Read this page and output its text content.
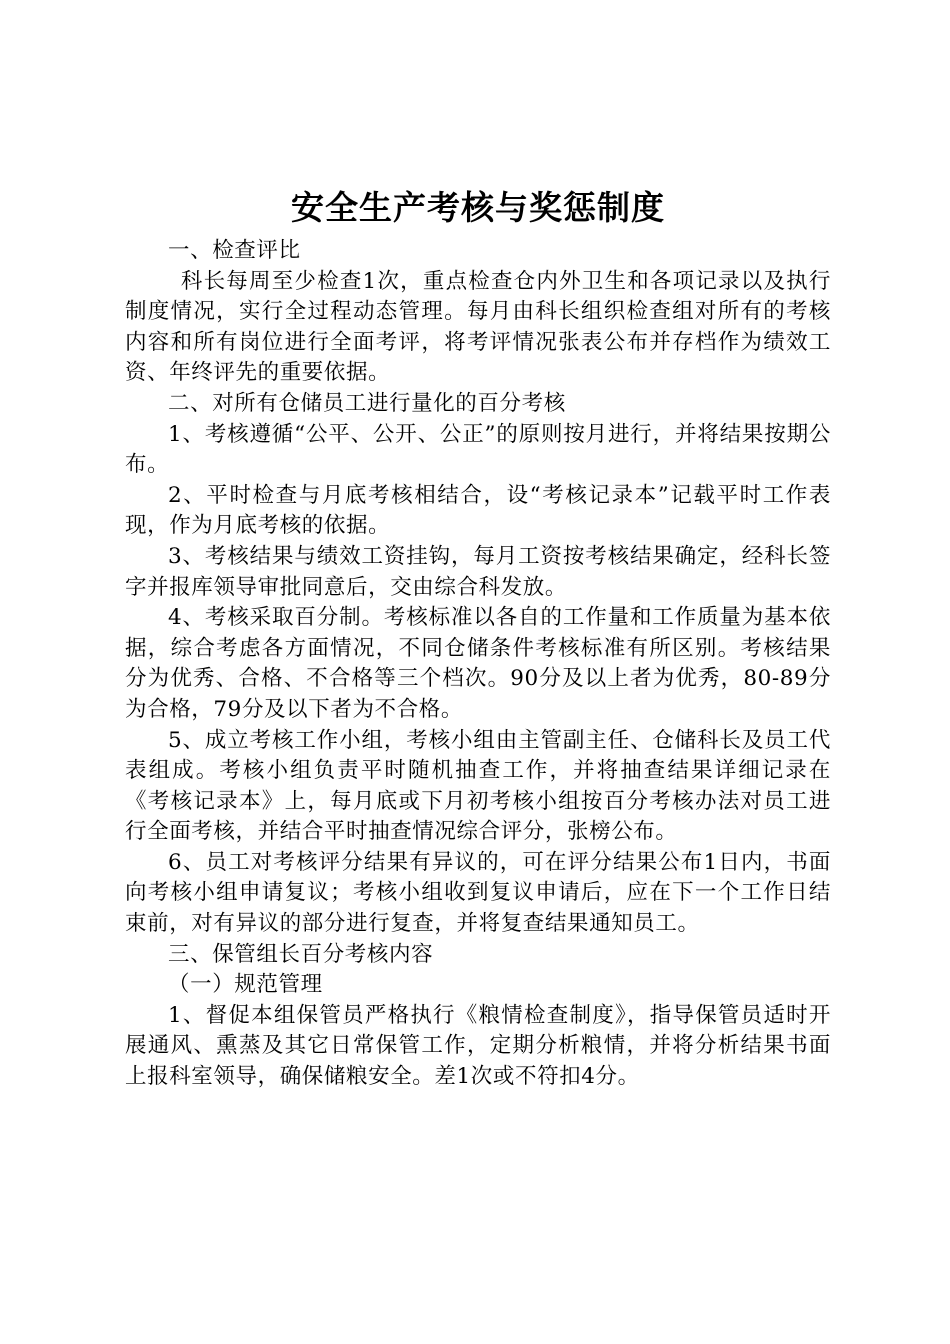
安全生产考核与奖惩制度

一、检查评比

科长每周至少检查1次，重点检查仓内外卫生和各项记录以及执行制度情况，实行全过程动态管理。每月由科长组织检查组对所有的考核内容和所有岗位进行全面考评，将考评情况张表公布并存档作为绩效工资、年终评先的重要依据。

二、对所有仓储员工进行量化的百分考核

1、考核遵循“公平、公开、公正”的原则按月进行，并将结果按期公布。

2、平时检查与月底考核相结合，设“考核记录本”记载平时工作表现，作为月底考核的依据。

3、考核结果与绩效工资挂钩，每月工资按考核结果确定，经科长签字并报库领导审批同意后，交由综合科发放。

4、考核采取百分制。考核标准以各自的工作量和工作质量为基本依据，综合考虑各方面情况，不同仓储条件考核标准有所区别。考核结果分为优秀、合格、不合格等三个档次。90分及以上者为优秀，80-89分为合格，79分及以下者为不合格。

5、成立考核工作小组，考核小组由主管副主任、仓储科长及员工代表组成。考核小组负责平时随机抽查工作，并将抽查结果详细记录在《考核记录本》上，每月底或下月初考核小组按百分考核办法对员工进行全面考核，并结合平时抽查情况综合评分，张榜公布。

6、员工对考核评分结果有异议的，可在评分结果公布1日内，书面向考核小组申请复议；考核小组收到复议申请后，应在下一个工作日结束前，对有异议的部分进行复查，并将复查结果通知员工。

三、保管组长百分考核内容

（一）规范管理

1、督促本组保管员严格执行《粮情检查制度》，指导保管员适时开展通风、熏蒸及其它日常保管工作，定期分析粮情，并将分析结果书面上报科室领导，确保储粮安全。差1次或不符扣4分。
